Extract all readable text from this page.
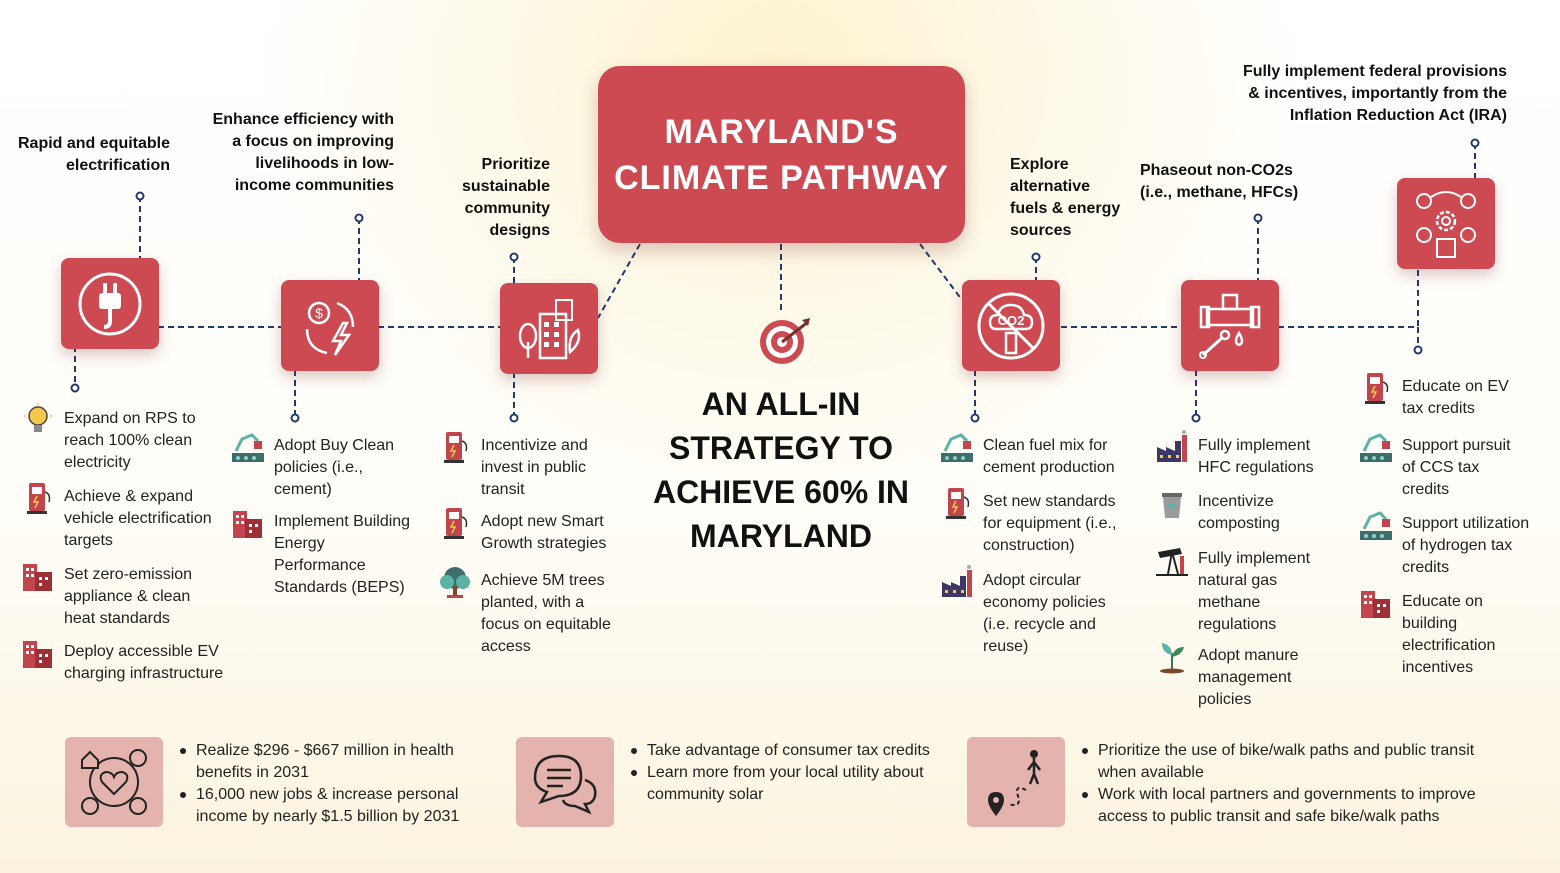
MARYLAND'S
CLIMATE PATHWAY
AN ALL-IN
STRATEGY TO
ACHIEVE 60% IN
MARYLAND
Rapid and equitable
electrification
Enhance efficiency with
a focus on improving
livelihoods in low-
income communities
Prioritize
sustainable
community
designs
Explore
alternative
fuels & energy
sources
Phaseout non-CO2s
(i.e., methane, HFCs)
Fully implement federal provisions
& incentives, importantly from the
Inflation Reduction Act (IRA)
$	CO2
Expand on RPS to
reach 100% clean
electricity
Achieve & expand
vehicle electrification
targets
Set zero-emission
appliance & clean
heat standards
Deploy accessible EV
charging infrastructure
Adopt Buy Clean
policies (i.e.,
cement)
Implement Building
Energy
Performance
Standards (BEPS)
Incentivize and
invest in public
transit
Adopt new Smart
Growth strategies
Achieve 5M trees
planted, with a
focus on equitable
access
Clean fuel mix for
cement production
Set new standards
for equipment (i.e.,
construction)
Adopt circular
economy policies
(i.e. recycle and
reuse)
Fully implement
HFC regulations
Incentivize
composting
Fully implement
natural gas
methane
regulations
Adopt manure
management
policies
Educate on EV
tax credits
Support pursuit
of CCS tax
credits
Support utilization
of hydrogen tax
credits
Educate on
building
electrification
incentives
Realize $296 - $667 million in health
benefits in 2031
16,000 new jobs & increase personal
income by nearly $1.5 billion by 2031
Take advantage of consumer tax credits
Learn more from your local utility about
community solar
Prioritize the use of bike/walk paths and public transit
when available
Work with local partners and governments to improve
access to public transit and safe bike/walk paths
